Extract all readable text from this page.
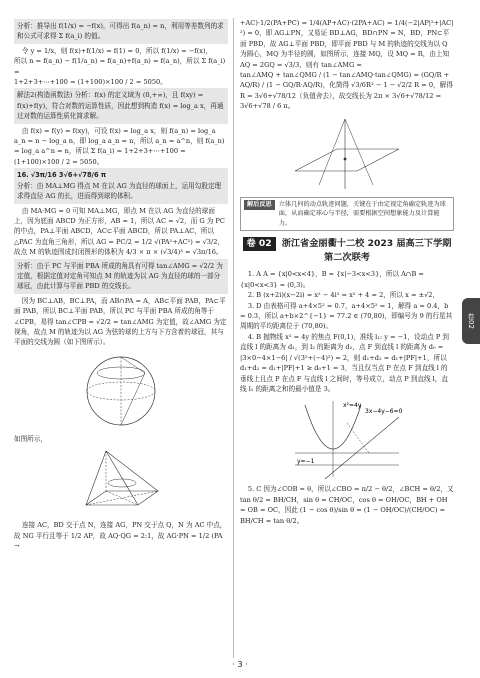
分析：推导出 f(1/x) = −f(x)，可得出 f(a_n) = n，利用等差数列的求和公式可求得 Σ f(a_i) 的值。

令 y = 1/x，则 f(x)+f(1/x) = f(1) = 0，所以 f(1/x) = −f(x)，

所以 n = f(a_n) − f(1/a_n) = f(a_n)+f(a_n) = f(a_n)，所以 Σ f(a_i) =

1+2+3+⋯+100 = (1+100)×100 / 2 = 5050。

解法2(构造函数法) 分析：f(x) 的定义域为 (0,+∞)，且 f(xy) = f(x)+f(y)，符合对数的运算性质，因此想到构造 f(x) = log_a x，再通过对数的运算性质化简求解。

由 f(x) = f(y) = f(xy)，可设 f(x) = log_a x，则 f(a_n) = log_a a_n = n − log_a n，即 log_a a_n = n，所以 a_n = a^n，则 f(a_n) = log_a a^n = n，所以 Σ f(a_i) = 1+2+3+⋯+100 = (1+100)×100 / 2 = 5050。

16. √3π/16 3√6+√78/6 π

分析：由 MA⊥MG 得点 M 在以 AG 为直径的球面上，运用勾股定理求得直径 AG 的长，进而得到球的体积。

由 MA·MG = 0 可知 MA⊥MG，即点 M 在以 AG 为直径的球面上，因为底面 ABCD 为正方形，AB = 1，所以 AC = √2，而 G 为 PC 的中点，PA⊥平面 ABCD，AC⊂平面 ABCD，所以 PA⊥AC，所以 △PAC 为直角三角形，所以 AG = PC/2 = 1/2 √(PA²+AC²) = √3/2，故点 M 的轨迹围成封闭图形的体积为 4/3 × π × (√3/4)³ = √3π/16。

分析：由于 PC 与平面 PBA 所成的角具有可得 tan∠AMG = √2/2 为定值，根据定值对定角可知点 M 的轨迹为以 AG 为直径的球的一部分球冠，由此计算与平面 PBD 的交线长。

因为 BC⊥AB，BC⊥PA，而 AB∩PA = A，AB⊂平面 PAB，PA⊂平面 PAB，所以 BC⊥平面 PAB，所以 PC 与平面 PBA 所成的角等于∠CPB，易得 tan∠CPB = √2/2 = tan∠AMG 为定值，故∠AMG 为定视角，故点 M 的轨迹为以 AG 为弦的球的上方与下方含着的球冠，其与平面的交线为圆（如下图所示）。

如图所示，

连接 AC，BD 交于点 N，连接 AG，PN 交于点 Q，N 为 AC 中点，故 NG 平行且等于 1/2 AP，故 AQ·QG = 2:1，故 AG·PN = 1/2 (PA →

+AC)·1/2(PA+PC) = 1/4(AP+AC)·(2PA+AC) = 1/4(−2|AP|²+|AC|²) = 0，即 AG⊥PN，又易证 BD⊥AG，BD∩PN = N，BD，PN⊂平面 PBD，故 AG⊥平面 PBD，即平面 PBD 与 M 的轨迹的交线为以 Q 为圆心，MQ 为半径的圆，如图所示，连接 MQ，设 MQ = R，由上知 AQ = 2GQ = √3/3，则有 tan∠AMG =

tan∠AMQ + tan∠QMG / (1 − tan∠AMQ·tan∠QMG) = (GQ/R + AQ/R) / (1 − GQ/R·AQ/R)，化简得 √3/6R² − 1 − √2/2 R = 0，解得 R = 3√6+√78/12（负值舍去），故交线长为 2π × 3√6+√78/12 =

3√6+√78 / 6 π。

解后反思	立体几何的动点轨迹问题，关键在于由定视定角确定轨迹为球面，从而确定球心与半径，需要根据空间想象能力及计算能力。
卷 02 浙江省金丽衢十二校 2023 届高三下学期第二次联考

1. A A = {x|0<x<4}，B = {x|−3<x<3}，所以 A∩B = {x|0<x<3} = (0,3)。

2. B (x+2i)(x−2i) = x² − 4i² = x² + 4 = 2，所以 x = ±√2，

3. D 由表格可得 a+4×5² = 0.7，a+4×5² = 1，解得 a = 0.4，b = 0.3，所以 a+b×2^{−1} = 77.2 ∈ (70,80)，即编号为 9 的行星其周期的平均距离位于 (70,80)。

4. B 抛物线 x² = 4y 的焦点 F(0,1)，准线 l₁: y = −1，设动点 P 到直线 l 的距离为 d₁，到 l₂ 的距离为 d₂，点 F 到直线 l 的距离为 d₀ = |3×0−4×1−6| / √(3²+(−4)²) = 2，则 d₁+d₂ = d₁+|PF|+1，所以 d₁+d₂ = d₁+|PF|+1 ≥ d₀+1 = 3，当且仅当点 P 在点 F 到直线 l 的垂线上且点 P 在点 F 与直线 l 之间时，等号成立，动点 P 到直线 l，直线 l₁ 的距离之和的最小值是 3。

3x−4y−6=0
x²=4y
y=−1

5. C 因为∠COB = θ，所以∠CBO = π/2 − θ/2，∠BCH = θ/2，又 tan θ/2 = BH/CH，sin θ = CH/OC，cos θ = OH/OC，BH + OH = OB = OC，因此 (1 − cos θ)/sin θ = (1 − OH/OC)/(CH/OC) = BH/CH = tan θ/2。

卷02
· 3 ·
